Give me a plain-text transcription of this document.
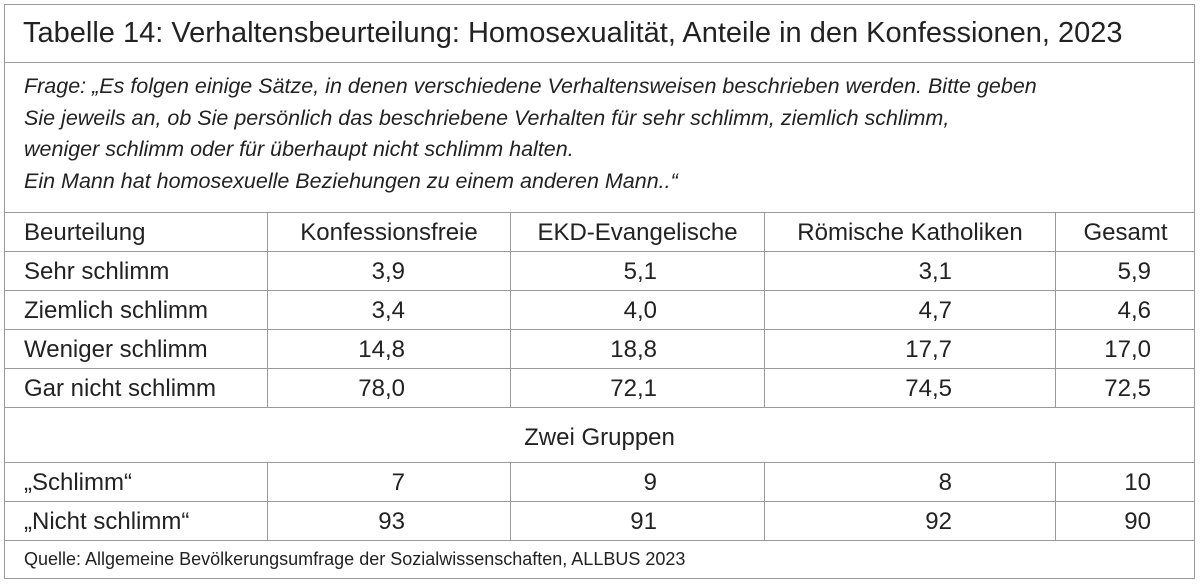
Tabelle 14: Verhaltensbeurteilung: Homosexualität, Anteile in den Konfessionen, 2023
Frage: „Es folgen einige Sätze, in denen verschiedene Verhaltensweisen beschrieben werden. Bitte geben
Sie jeweils an, ob Sie persönlich das beschriebene Verhalten für sehr schlimm, ziemlich schlimm,
weniger schlimm oder für überhaupt nicht schlimm halten.
Ein Mann hat homosexuelle Beziehungen zu einem anderen Mann..“
Beurteilung	Konfessionsfreie	EKD-Evangelische	Römische Katholiken	Gesamt
Sehr schlimm	3,9	5,1	3,1	5,9
Ziemlich schlimm	3,4	4,0	4,7	4,6
Weniger schlimm	14,8	18,8	17,7	17,0
Gar nicht schlimm	78,0	72,1	74,5	72,5
Zwei Gruppen
„Schlimm“	7	9	8	10
„Nicht schlimm“	93	91	92	90
Quelle: Allgemeine Bevölkerungsumfrage der Sozialwissenschaften, ALLBUS 2023
